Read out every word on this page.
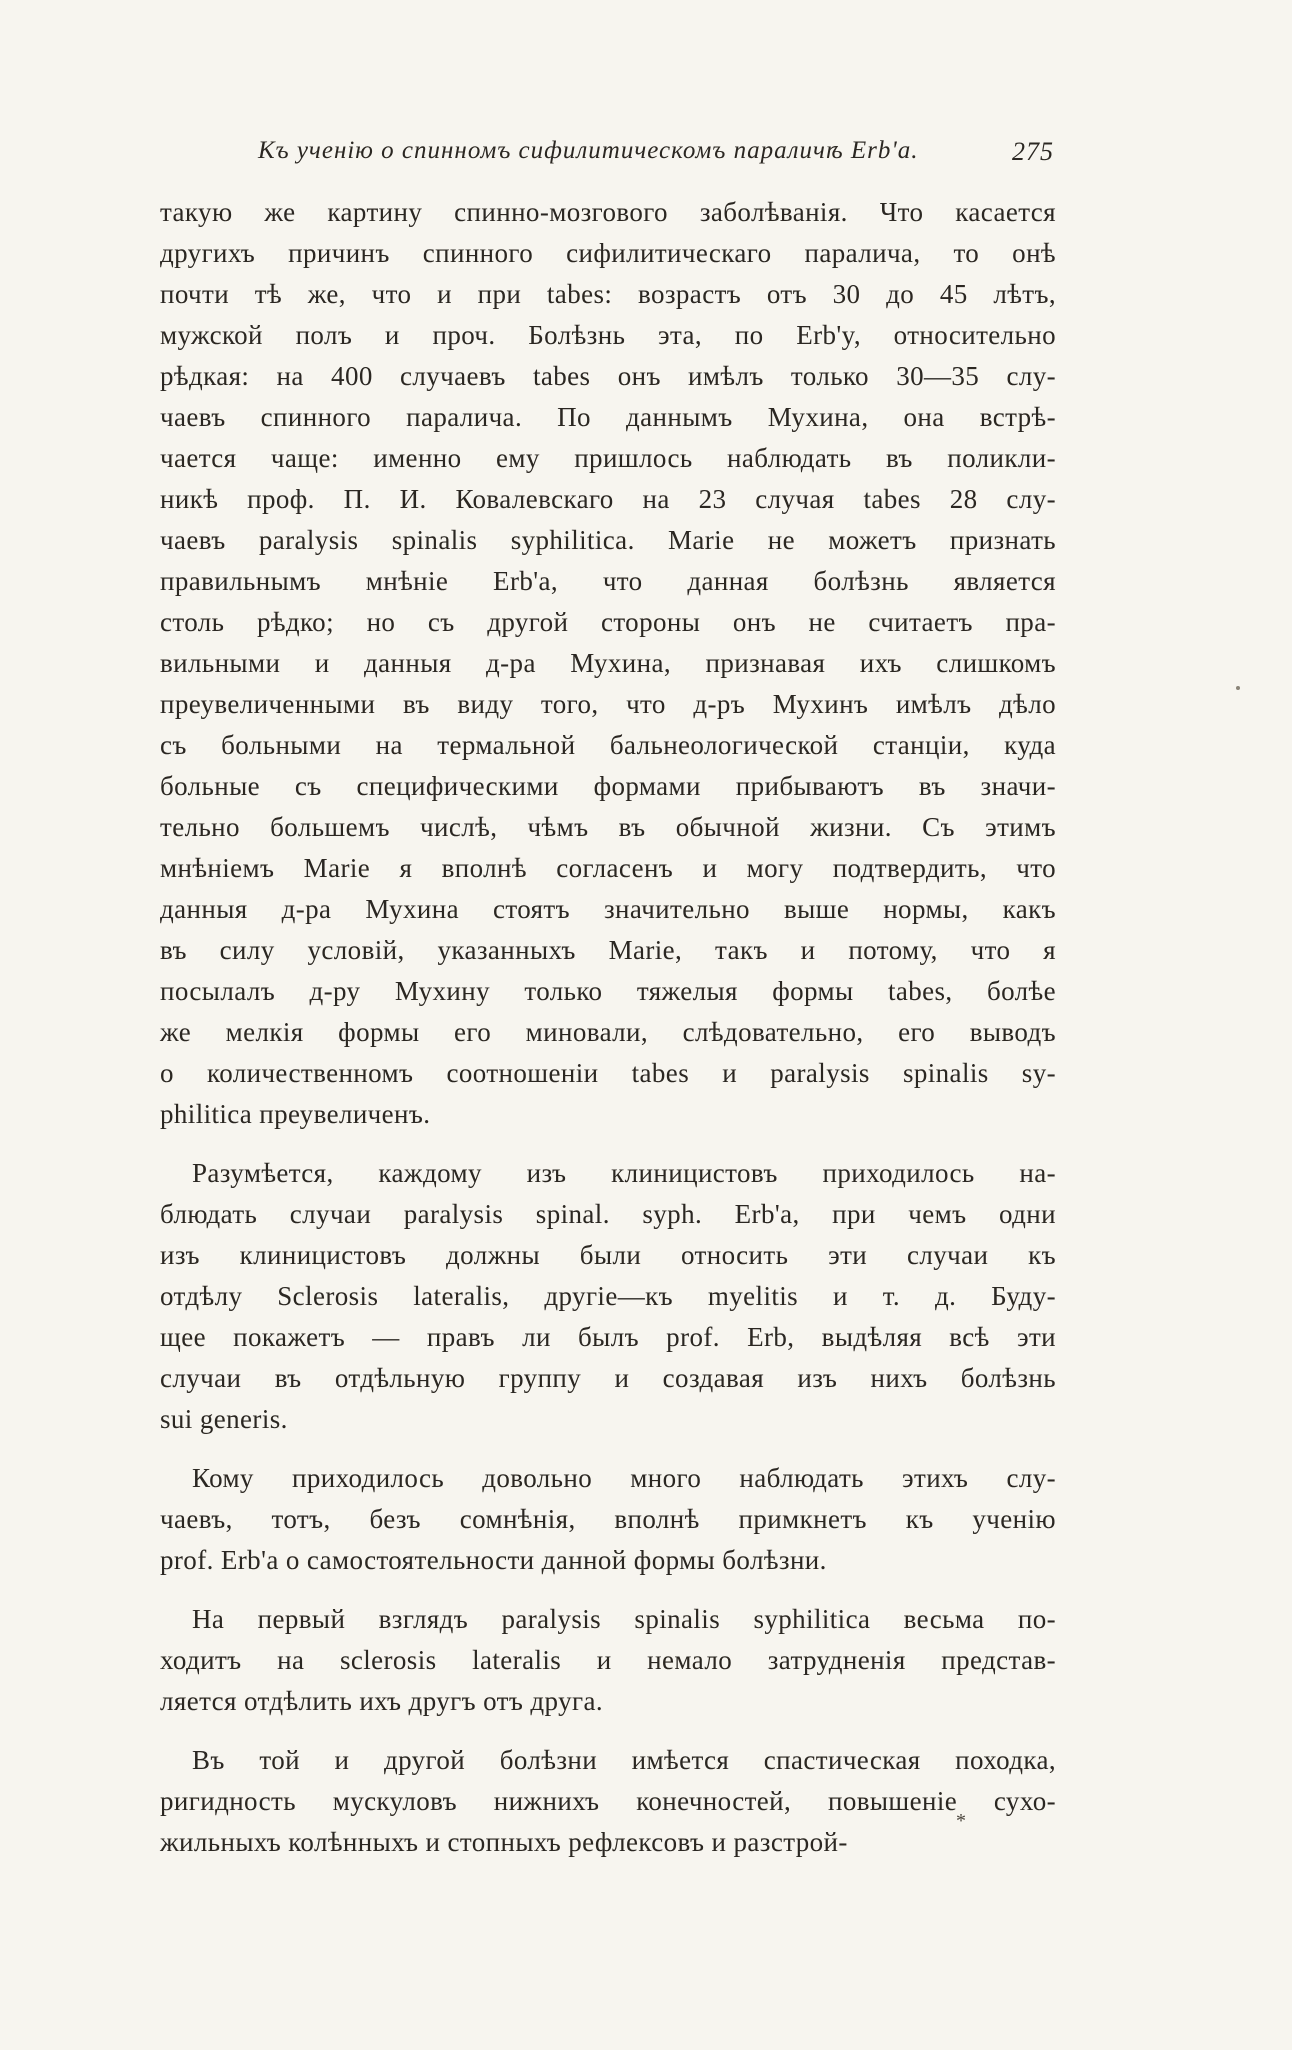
Къ ученію о спинномъ сифилитическомъ параличѣ Erb'a.	275
такую же картину спинно-мозгового заболѣванія. Что касается
другихъ причинъ спинного сифилитическаго паралича, то онѣ
почти тѣ же, что и при tabes: возрастъ отъ 30 до 45 лѣтъ,
мужской полъ и проч. Болѣзнь эта, по Erb'y, относительно
рѣдкая: на 400 случаевъ tabes онъ имѣлъ только 30—35 слу-
чаевъ спинного паралича. По даннымъ Мухина, она встрѣ-
чается чаще: именно ему пришлось наблюдать въ поликли-
никѣ проф. П. И. Ковалевскаго на 23 случая tabes 28 слу-
чаевъ paralysis spinalis syphilitica. Marie не можетъ признать
правильнымъ мнѣніе Erb'a, что данная болѣзнь является
столь рѣдко; но съ другой стороны онъ не считаетъ пра-
вильными и данныя д-ра Мухина, признавая ихъ слишкомъ
преувеличенными въ виду того, что д-ръ Мухинъ имѣлъ дѣло
съ больными на термальной бальнеологической станціи, куда
больные съ специфическими формами прибываютъ въ значи-
тельно большемъ числѣ, чѣмъ въ обычной жизни. Съ этимъ
мнѣніемъ Marie я вполнѣ согласенъ и могу подтвердить, что
данныя д-ра Мухина стоятъ значительно выше нормы, какъ
въ силу условій, указанныхъ Marie, такъ и потому, что я
посылалъ д-ру Мухину только тяжелыя формы tabes, болѣе
же мелкія формы его миновали, слѣдовательно, его выводъ
о количественномъ соотношеніи tabes и paralysis spinalis sy-
philitica преувеличенъ.
Разумѣется, каждому изъ клиницистовъ приходилось на-
блюдать случаи paralysis spinal. syph. Erb'a, при чемъ одни
изъ клиницистовъ должны были относить эти случаи къ
отдѣлу Sclerosis lateralis, другіе—къ myelitis и т. д. Буду-
щее покажетъ — правъ ли былъ prof. Erb, выдѣляя всѣ эти
случаи въ отдѣльную группу и создавая изъ нихъ болѣзнь
sui generis.
Кому приходилось довольно много наблюдать этихъ слу-
чаевъ, тотъ, безъ сомнѣнія, вполнѣ примкнетъ къ ученію
prof. Erb'a о самостоятельности данной формы болѣзни.
На первый взглядъ paralysis spinalis syphilitica весьма по-
ходитъ на sclerosis lateralis и немало затрудненія представ-
ляется отдѣлить ихъ другъ отъ друга.
Въ той и другой болѣзни имѣется спастическая походка,
ригидность мускуловъ нижнихъ конечностей, повышеніе сухо-
жильныхъ колѣнныхъ и стопныхъ рефлексовъ и разстрой-
*
